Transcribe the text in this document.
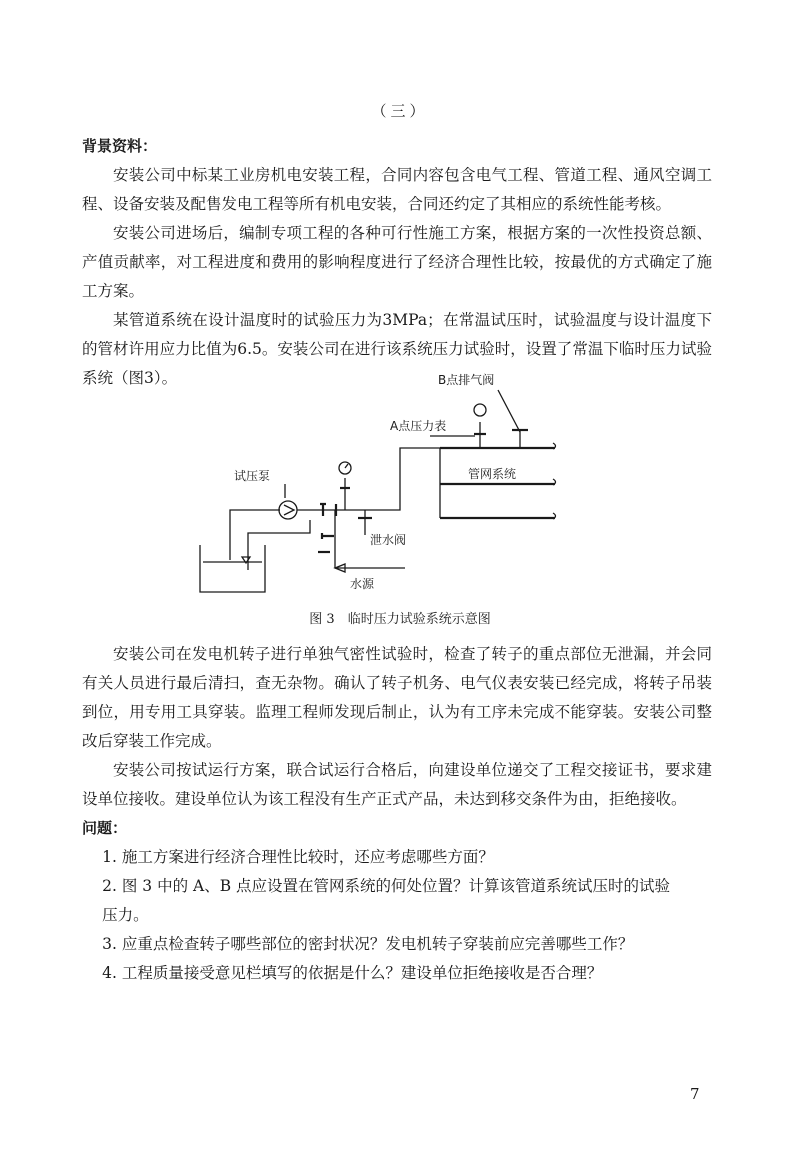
（三）
背景资料：

安装公司中标某工业房机电安装工程，合同内容包含电气工程、管道工程、通风空调工程、设备安装及配售发电工程等所有机电安装，合同还约定了其相应的系统性能考核。

安装公司进场后，编制专项工程的各种可行性施工方案，根据方案的一次性投资总额、产值贡献率，对工程进度和费用的影响程度进行了经济合理性比较，按最优的方式确定了施工方案。

某管道系统在设计温度时的试验压力为3MPa；在常温试压时，试验温度与设计温度下的管材许用应力比值为6.5。安装公司在进行该系统压力试验时，设置了常温下临时压力试验系统（图3）。	B点排气阀
A点压力表
管网系统
试压泵
泄水阀
水源
图 3　临时压力试验系统示意图

安装公司在发电机转子进行单独气密性试验时，检查了转子的重点部位无泄漏，并会同有关人员进行最后清扫，查无杂物。确认了转子机务、电气仪表安装已经完成，将转子吊装到位，用专用工具穿装。监理工程师发现后制止，认为有工序未完成不能穿装。安装公司整改后穿装工作完成。

安装公司按试运行方案，联合试运行合格后，向建设单位递交了工程交接证书，要求建设单位接收。建设单位认为该工程没有生产正式产品，未达到移交条件为由，拒绝接收。

问题：

1. 施工方案进行经济合理性比较时，还应考虑哪些方面？

2. 图 3 中的 A、B 点应设置在管网系统的何处位置？计算该管道系统试压时的试验

压力。

3. 应重点检查转子哪些部位的密封状况？发电机转子穿装前应完善哪些工作？

4. 工程质量接受意见栏填写的依据是什么？建设单位拒绝接收是否合理？

7
